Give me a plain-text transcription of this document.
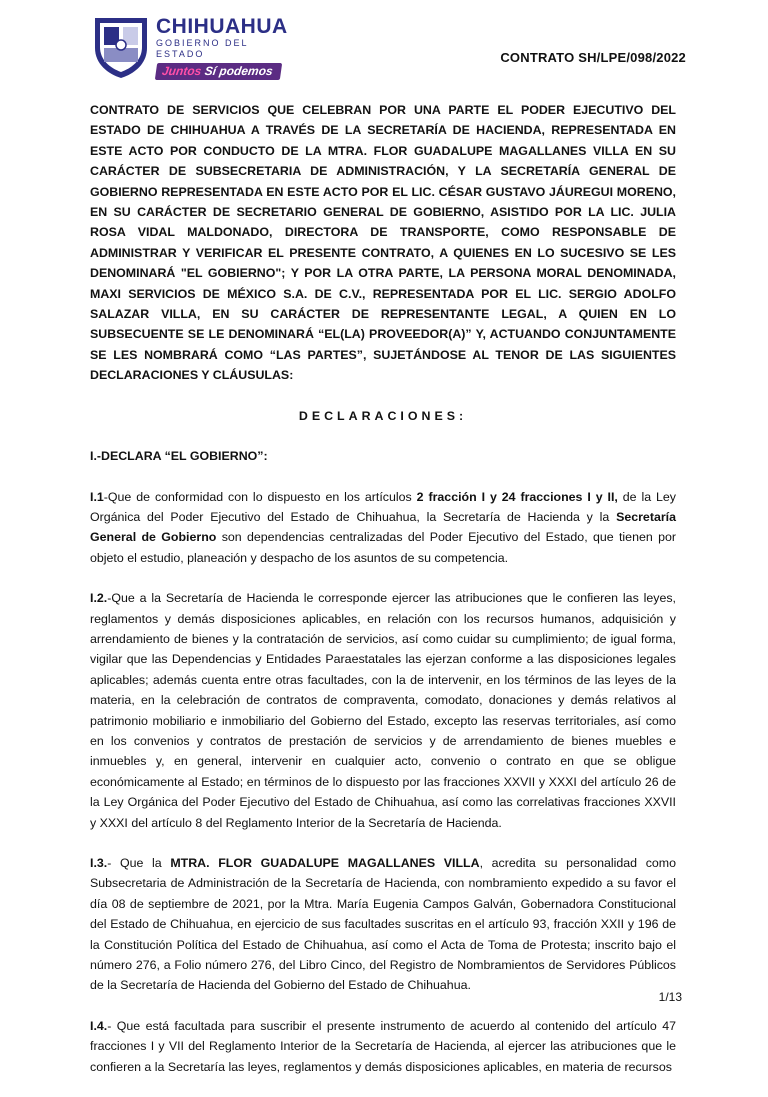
CHIHUAHUA
GOBIERNO DEL ESTADO
Juntos Sí podemos
CONTRATO SH/LPE/098/2022

CONTRATO DE SERVICIOS QUE CELEBRAN POR UNA PARTE EL PODER EJECUTIVO DEL ESTADO DE CHIHUAHUA A TRAVÉS DE LA SECRETARÍA DE HACIENDA, REPRESENTADA EN ESTE ACTO POR CONDUCTO DE LA MTRA. FLOR GUADALUPE MAGALLANES VILLA EN SU CARÁCTER DE SUBSECRETARIA DE ADMINISTRACIÓN, Y LA SECRETARÍA GENERAL DE GOBIERNO REPRESENTADA EN ESTE ACTO POR EL LIC. CÉSAR GUSTAVO JÁUREGUI MORENO, EN SU CARÁCTER DE SECRETARIO GENERAL DE GOBIERNO, ASISTIDO POR LA LIC. JULIA ROSA VIDAL MALDONADO, DIRECTORA DE TRANSPORTE, COMO RESPONSABLE DE ADMINISTRAR Y VERIFICAR EL PRESENTE CONTRATO, A QUIENES EN LO SUCESIVO SE LES DENOMINARÁ "EL GOBIERNO"; Y POR LA OTRA PARTE, LA PERSONA MORAL DENOMINADA, MAXI SERVICIOS DE MÉXICO S.A. DE C.V., REPRESENTADA POR EL LIC. SERGIO ADOLFO SALAZAR VILLA, EN SU CARÁCTER DE REPRESENTANTE LEGAL, A QUIEN EN LO SUBSECUENTE SE LE DENOMINARÁ “EL(LA) PROVEEDOR(A)” Y, ACTUANDO CONJUNTAMENTE SE LES NOMBRARÁ COMO “LAS PARTES”, SUJETÁNDOSE AL TENOR DE LAS SIGUIENTES DECLARACIONES Y CLÁUSULAS:

DECLARACIONES:

I.-DECLARA “EL GOBIERNO”:

I.1-Que de conformidad con lo dispuesto en los artículos 2 fracción I y 24 fracciones I y II, de la Ley Orgánica del Poder Ejecutivo del Estado de Chihuahua, la Secretaría de Hacienda y la Secretaría General de Gobierno son dependencias centralizadas del Poder Ejecutivo del Estado, que tienen por objeto el estudio, planeación y despacho de los asuntos de su competencia.

I.2.-Que a la Secretaría de Hacienda le corresponde ejercer las atribuciones que le confieren las leyes, reglamentos y demás disposiciones aplicables, en relación con los recursos humanos, adquisición y arrendamiento de bienes y la contratación de servicios, así como cuidar su cumplimiento; de igual forma, vigilar que las Dependencias y Entidades Paraestatales las ejerzan conforme a las disposiciones legales aplicables; además cuenta entre otras facultades, con la de intervenir, en los términos de las leyes de la materia, en la celebración de contratos de compraventa, comodato, donaciones y demás relativos al patrimonio mobiliario e inmobiliario del Gobierno del Estado, excepto las reservas territoriales, así como en los convenios y contratos de prestación de servicios y de arrendamiento de bienes muebles e inmuebles y, en general, intervenir en cualquier acto, convenio o contrato en que se obligue económicamente al Estado; en términos de lo dispuesto por las fracciones XXVII y XXXI del artículo 26 de la Ley Orgánica del Poder Ejecutivo del Estado de Chihuahua, así como las correlativas fracciones XXVII y XXXI del artículo 8 del Reglamento Interior de la Secretaría de Hacienda.

I.3.- Que la MTRA. FLOR GUADALUPE MAGALLANES VILLA, acredita su personalidad como Subsecretaria de Administración de la Secretaría de Hacienda, con nombramiento expedido a su favor el día 08 de septiembre de 2021, por la Mtra. María Eugenia Campos Galván, Gobernadora Constitucional del Estado de Chihuahua, en ejercicio de sus facultades suscritas en el artículo 93, fracción XXII y 196 de la Constitución Política del Estado de Chihuahua, así como el Acta de Toma de Protesta; inscrito bajo el número 276, a Folio número 276, del Libro Cinco, del Registro de Nombramientos de Servidores Públicos de la Secretaría de Hacienda del Gobierno del Estado de Chihuahua.

I.4.- Que está facultada para suscribir el presente instrumento de acuerdo al contenido del artículo 47 fracciones I y VII del Reglamento Interior de la Secretaría de Hacienda, al ejercer las atribuciones que le confieren a la Secretaría las leyes, reglamentos y demás disposiciones aplicables, en materia de recursos

1/13
